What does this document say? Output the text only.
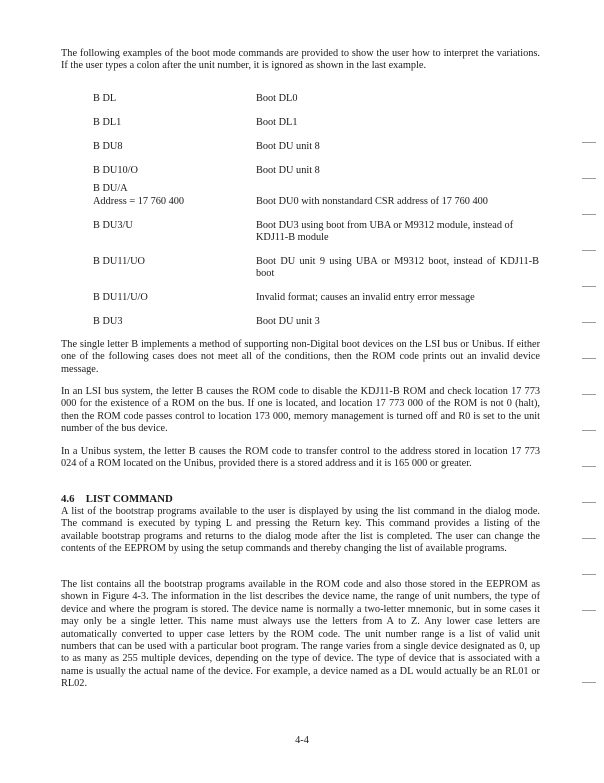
The following examples of the boot mode commands are provided to show the user how to interpret the variations. If the user types a colon after the unit number, it is ignored as shown in the last example.

B DL	Boot DL0
B DL1	Boot DL1
B DU8	Boot DU unit 8
B DU10/O	Boot DU unit 8
B DU/A
Address = 17 760 400	Boot DU0 with nonstandard CSR address of 17 760 400
B DU3/U	Boot DU3 using boot from UBA or M9312 module, instead of KDJ11-B module
B DU11/UO	Boot DU unit 9 using UBA or M9312 boot, instead of KDJ11-B boot
B DU11/U/O	Invalid format; causes an invalid entry error message
B DU3	Boot DU unit 3

The single letter B implements a method of supporting non-Digital boot devices on the LSI bus or Unibus. If either one of the following cases does not meet all of the conditions, then the ROM code prints out an invalid device message.

In an LSI bus system, the letter B causes the ROM code to disable the KDJ11-B ROM and check location 17 773 000 for the existence of a ROM on the bus. If one is located, and location 17 773 000 of the ROM is not 0 (halt), then the ROM code passes control to location 173 000, memory management is turned off and R0 is set to the unit number of the bus device.

In a Unibus system, the letter B causes the ROM code to transfer control to the address stored in location 17 773 024 of a ROM located on the Unibus, provided there is a stored address and it is 165 000 or greater.

4.6 LIST COMMAND

A list of the bootstrap programs available to the user is displayed by using the list command in the dialog mode. The command is executed by typing L and pressing the Return key. This command provides a listing of the available bootstrap programs and returns to the dialog mode after the list is completed. The user can change the contents of the EEPROM by using the setup commands and thereby changing the list of available programs.

The list contains all the bootstrap programs available in the ROM code and also those stored in the EEPROM as shown in Figure 4-3. The information in the list describes the device name, the range of unit numbers, the type of device and where the program is stored. The device name is normally a two-letter mnemonic, but in some cases it may only be a single letter. This name must always use the letters from A to Z. Any lower case letters are automatically converted to upper case letters by the ROM code. The unit number range is a list of valid unit numbers that can be used with a particular boot program. The range varies from a single device designated as 0, up to as many as 255 multiple devices, depending on the type of device. The type of device that is associated with a name is usually the actual name of the device. For example, a device named as a DL would actually be an RL01 or RL02.

4-4
